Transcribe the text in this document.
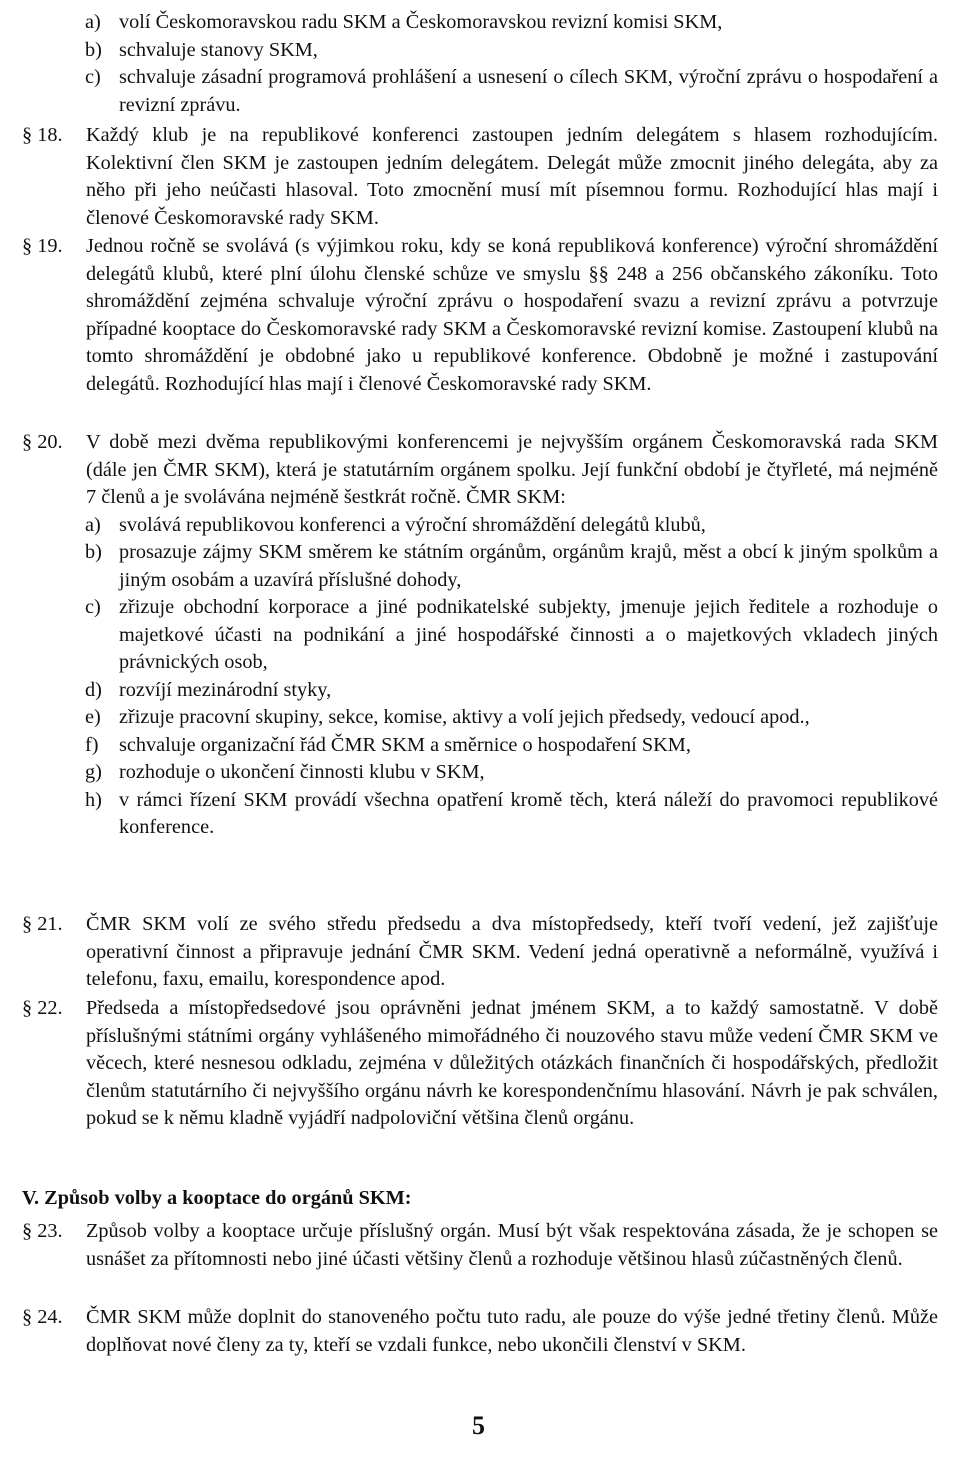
a) volí Českomoravskou radu SKM a Českomoravskou revizní komisi SKM,
b) schvaluje stanovy SKM,
c) schvaluje zásadní programová prohlášení a usnesení o cílech SKM, výroční zprávu o hospodaření a revizní zprávu.
§ 18. Každý klub je na republikové konferenci zastoupen jedním delegátem s hlasem rozhodujícím. Kolektivní člen SKM je zastoupen jedním delegátem. Delegát může zmocnit jiného delegáta, aby za něho při jeho neúčasti hlasoval. Toto zmocnění musí mít písemnou formu. Rozhodující hlas mají i členové Českomoravské rady SKM.
§ 19. Jednou ročně se svolává (s výjimkou roku, kdy se koná republiková konference) výroční shromáždění delegátů klubů, které plní úlohu členské schůze ve smyslu §§ 248 a 256 občanského zákoníku. Toto shromáždění zejména schvaluje výroční zprávu o hospodaření svazu a revizní zprávu a potvrzuje případné kooptace do Českomoravské rady SKM a Českomoravské revizní komise. Zastoupení klubů na tomto shromáždění je obdobné jako u republikové konference. Obdobně je možné i zastupování delegátů. Rozhodující hlas mají i členové Českomoravské rady SKM.
§ 20. V době mezi dvěma republikovými konferencemi je nejvyšším orgánem Českomoravská rada SKM (dále jen ČMR SKM), která je statutárním orgánem spolku. Její funkční období je čtyřleté, má nejméně 7 členů a je svolávána nejméně šestkrát ročně. ČMR SKM:
a) svolává republikovou konferenci a výroční shromáždění delegátů klubů,
b) prosazuje zájmy SKM směrem ke státním orgánům, orgánům krajů, měst a obcí k jiným spolkům a jiným osobám a uzavírá příslušné dohody,
c) zřizuje obchodní korporace a jiné podnikatelské subjekty, jmenuje jejich ředitele a rozhoduje o majetkové účasti na podnikání a jiné hospodářské činnosti a o majetkových vkladech jiných právnických osob,
d) rozvíjí mezinárodní styky,
e) zřizuje pracovní skupiny, sekce, komise, aktivy a volí jejich předsedy, vedoucí apod.,
f) schvaluje organizační řád ČMR SKM a směrnice o hospodaření SKM,
g) rozhoduje o ukončení činnosti klubu v SKM,
h) v rámci řízení SKM provádí všechna opatření kromě těch, která náleží do pravomoci republikové konference.
§ 21. ČMR SKM volí ze svého středu předsedu a dva místopředsedy, kteří tvoří vedení, jež zajišťuje operativní činnost a připravuje jednání ČMR SKM. Vedení jedná operativně a neformálně, využívá i telefonu, faxu, emailu, korespondence apod.
§ 22. Předseda a místopředsedové jsou oprávněni jednat jménem SKM, a to každý samostatně. V době příslušnými státními orgány vyhlášeného mimořádného či nouzového stavu může vedení ČMR SKM ve věcech, které nesnesou odkladu, zejména v důležitých otázkách finančních či hospodářských, předložit členům statutárního či nejvyššího orgánu návrh ke korespondenčnímu hlasování. Návrh je pak schválen, pokud se k němu kladně vyjádří nadpoloviční většina členů orgánu.
V. Způsob volby a kooptace do orgánů SKM:
§ 23. Způsob volby a kooptace určuje příslušný orgán. Musí být však respektována zásada, že je schopen se usnášet za přítomnosti nebo jiné účasti většiny členů a rozhoduje většinou hlasů zúčastněných členů.
§ 24. ČMR SKM může doplnit do stanoveného počtu tuto radu, ale pouze do výše jedné třetiny členů. Může doplňovat nové členy za ty, kteří se vzdali funkce, nebo ukončili členství v SKM.
5
